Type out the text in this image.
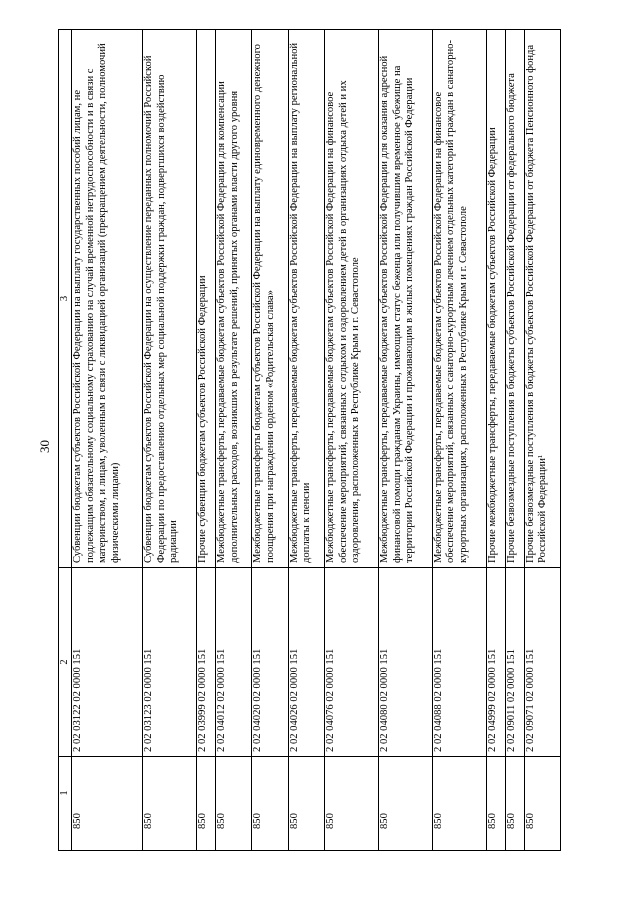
30
1	2	3
850	2 02 03122 02 0000 151	Субвенции бюджетам субъектов Российской Федерации на выплату государственных пособий лицам, не подлежащим обязательному социальному страхованию на случай временной нетрудоспособности и в связи с материнством, и лицам, уволенным в связи с ликвидацией организаций (прекращением деятельности, полномочий физическими лицами)
850	2 02 03123 02 0000 151	Субвенции бюджетам субъектов Российской Федерации на осуществление переданных полномочий Российской Федерации по предоставлению отдельных мер социальной поддержки граждан, подвергшихся воздействию радиации
850	2 02 03999 02 0000 151	Прочие субвенции бюджетам субъектов Российской Федерации
850	2 02 04012 02 0000 151	Межбюджетные трансферты, передаваемые бюджетам субъектов Российской Федерации для компенсации дополнительных расходов, возникших в результате решений, принятых органами власти другого уровня
850	2 02 04020 02 0000 151	Межбюджетные трансферты бюджетам субъектов Российской Федерации на выплату единовременного денежного поощрения при награждении орденом «Родительская слава»
850	2 02 04026 02 0000 151	Межбюджетные трансферты, передаваемые бюджетам субъектов Российской Федерации на выплату региональной доплаты к пенсии
850	2 02 04076 02 0000 151	Межбюджетные трансферты, передаваемые бюджетам субъектов Российской Федерации на финансовое обеспечение мероприятий, связанных с отдыхом и оздоровлением детей в организациях отдыха детей и их оздоровления, расположенных в Республике Крым и г. Севастополе
850	2 02 04080 02 0000 151	Межбюджетные трансферты, передаваемые бюджетам субъектов Российской Федерации для оказания адресной финансовой помощи гражданам Украины, имеющим статус беженца или получившим временное убежище на территории Российской Федерации и проживающим в жилых помещениях граждан Российской Федерации
850	2 02 04088 02 0000 151	Межбюджетные трансферты, передаваемые бюджетам субъектов Российской Федерации на финансовое обеспечение мероприятий, связанных с санаторно-курортным лечением отдельных категорий граждан в санаторно-курортных организациях, расположенных в Республике Крым и г. Севастополе
850	2 02 04999 02 0000 151	Прочие межбюджетные трансферты, передаваемые бюджетам субъектов Российской Федерации
850	2 02 09011 02 0000 151	Прочие безвозмездные поступления в бюджеты субъектов Российской Федерации от федерального бюджета
850	2 02 09071 02 0000 151	Прочие безвозмездные поступления в бюджеты субъектов Российской Федерации от бюджета Пенсионного фонда Российской Федерации¹
